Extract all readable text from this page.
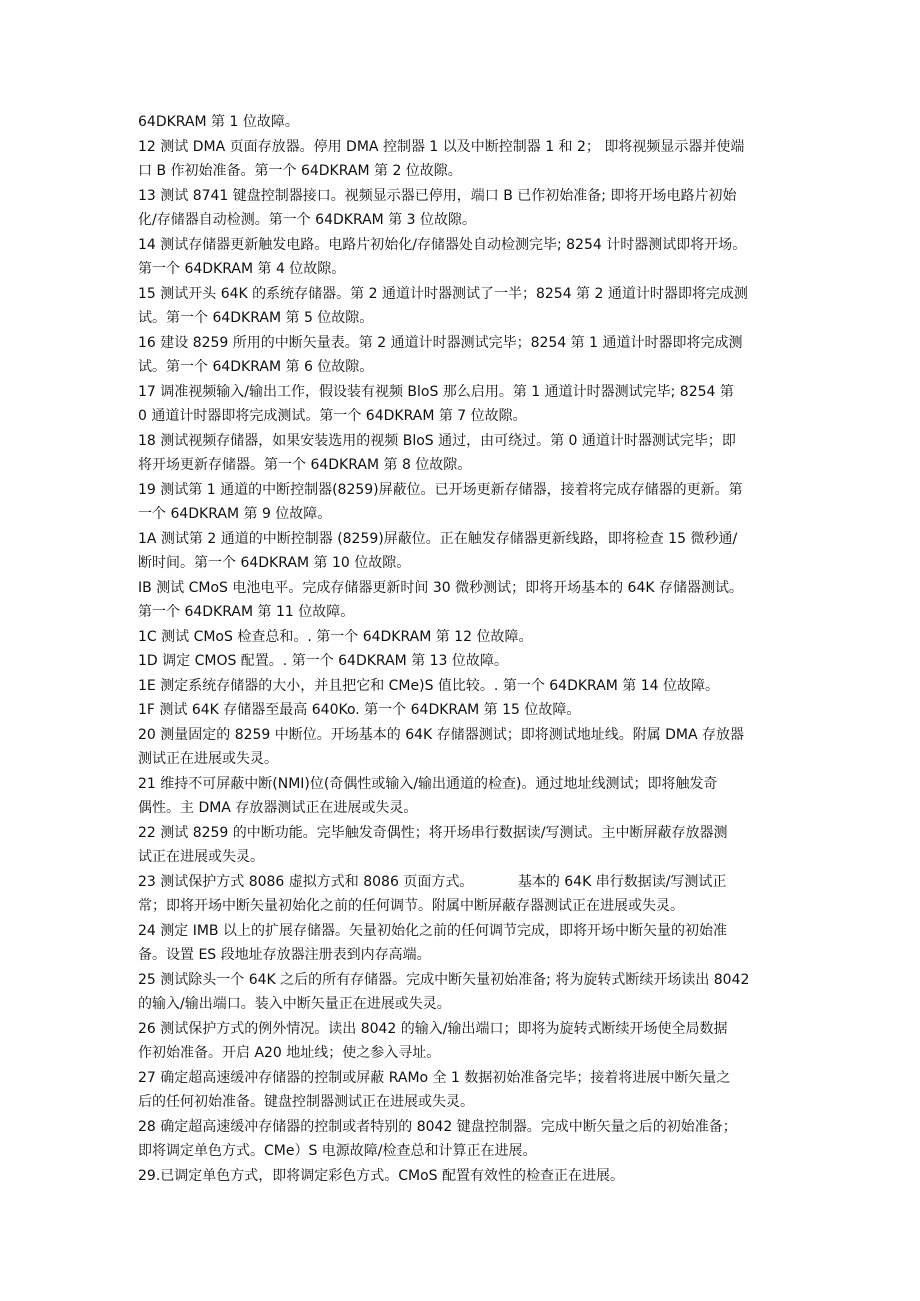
64DKRAM 第 1 位故障。
12 测试 DMA 页面存放器。停用 DMA 控制器 1 以及中断控制器 1 和 2； 即将视频显示器并使端
口 B 作初始准备。第一个 64DKRAM 第 2 位故隙。
13 测试 8741 键盘控制器接口。视频显示器已停用，端口 B 已作初始准备; 即将开场电路片初始
化/存储器自动检测。第一个 64DKRAM 第 3 位故隙。
14 测试存储器更新触发电路。电路片初始化/存储器处自动检测完毕; 8254 计时器测试即将开场。
第一个 64DKRAM 第 4 位故隙。
15 测试开头 64K 的系统存储器。第 2 通道计时器测试了一半；8254 第 2 通道计时器即将完成测
试。第一个 64DKRAM 第 5 位故隙。
16 建设 8259 所用的中断矢量表。第 2 通道计时器测试完毕；8254 第 1 通道计时器即将完成测
试。第一个 64DKRAM 第 6 位故隙。
17 调准视频输入/输出工作，假设装有视频 BloS 那么启用。第 1 通道计时器测试完毕; 8254 第
0 通道计时器即将完成测试。第一个 64DKRAM 第 7 位故隙。
18 测试视频存储器，如果安装选用的视频 BloS 通过，由可绕过。第 0 通道计时器测试完毕；即
将开场更新存储器。第一个 64DKRAM 第 8 位故隙。
19 测试第 1 通道的中断控制器(8259)屏蔽位。已开场更新存储器，接着将完成存储器的更新。第
一个 64DKRAM 第 9 位故障。
1A 测试第 2 通道的中断控制器 (8259)屏蔽位。正在触发存储器更新线路，即将检查 15 微秒通/
断时间。第一个 64DKRAM 第 10 位故隙。
IB 测试 CMoS 电池电平。完成存储器更新时间 30 微秒测试；即将开场基本的 64K 存储器测试。
第一个 64DKRAM 第 11 位故障。
1C 测试 CMoS 检查总和。. 第一个 64DKRAM 第 12 位故障。
1D 调定 CMOS 配置。. 第一个 64DKRAM 第 13 位故障。
1E 测定系统存储器的大小，并且把它和 CMe)S 值比较。. 第一个 64DKRAM 第 14 位故障。
1F 测试 64K 存储器至最高 640Ko. 第一个 64DKRAM 第 15 位故障。
20 测量固定的 8259 中断位。开场基本的 64K 存储器测试；即将测试地址线。附属 DMA 存放器
测试正在进展或失灵。
21 维持不可屏蔽中断(NMI)位(奇偶性或输入/输出通道的检查)。通过地址线测试；即将触发奇
偶性。主 DMA 存放器测试正在进展或失灵。
22 测试 8259 的中断功能。完毕触发奇偶性；将开场串行数据读/写测试。主中断屏蔽存放器测
试正在进展或失灵。
23 测试保护方式 8086 虚拟方式和 8086 页面方式。          基本的 64K 串行数据读/写测试正
常；即将开场中断矢量初始化之前的任何调节。附属中断屏蔽存器测试正在进展或失灵。
24 测定 IMB 以上的扩展存储器。矢量初始化之前的任何调节完成，即将开场中断矢量的初始准
备。设置 ES 段地址存放器注册表到内存高端。
25 测试除头一个 64K 之后的所有存储器。完成中断矢量初始准备; 将为旋转式断续开场读出 8042
的输入/输出端口。装入中断矢量正在进展或失灵。
26 测试保护方式的例外情况。读出 8042 的输入/输出端口；即将为旋转式断续开场使全局数据
作初始准备。开启 A20 地址线；使之参入寻址。
27 确定超高速缓冲存储器的控制或屏蔽 RAMo 全 1 数据初始准备完毕；接着将进展中断矢量之
后的任何初始准备。键盘控制器测试正在进展或失灵。
28 确定超高速缓冲存储器的控制或者特别的 8042 键盘控制器。完成中断矢量之后的初始准备；
即将调定单色方式。CMe）S 电源故障/检查总和计算正在进展。
29.已调定单色方式，即将调定彩色方式。CMoS 配置有效性的检查正在进展。
